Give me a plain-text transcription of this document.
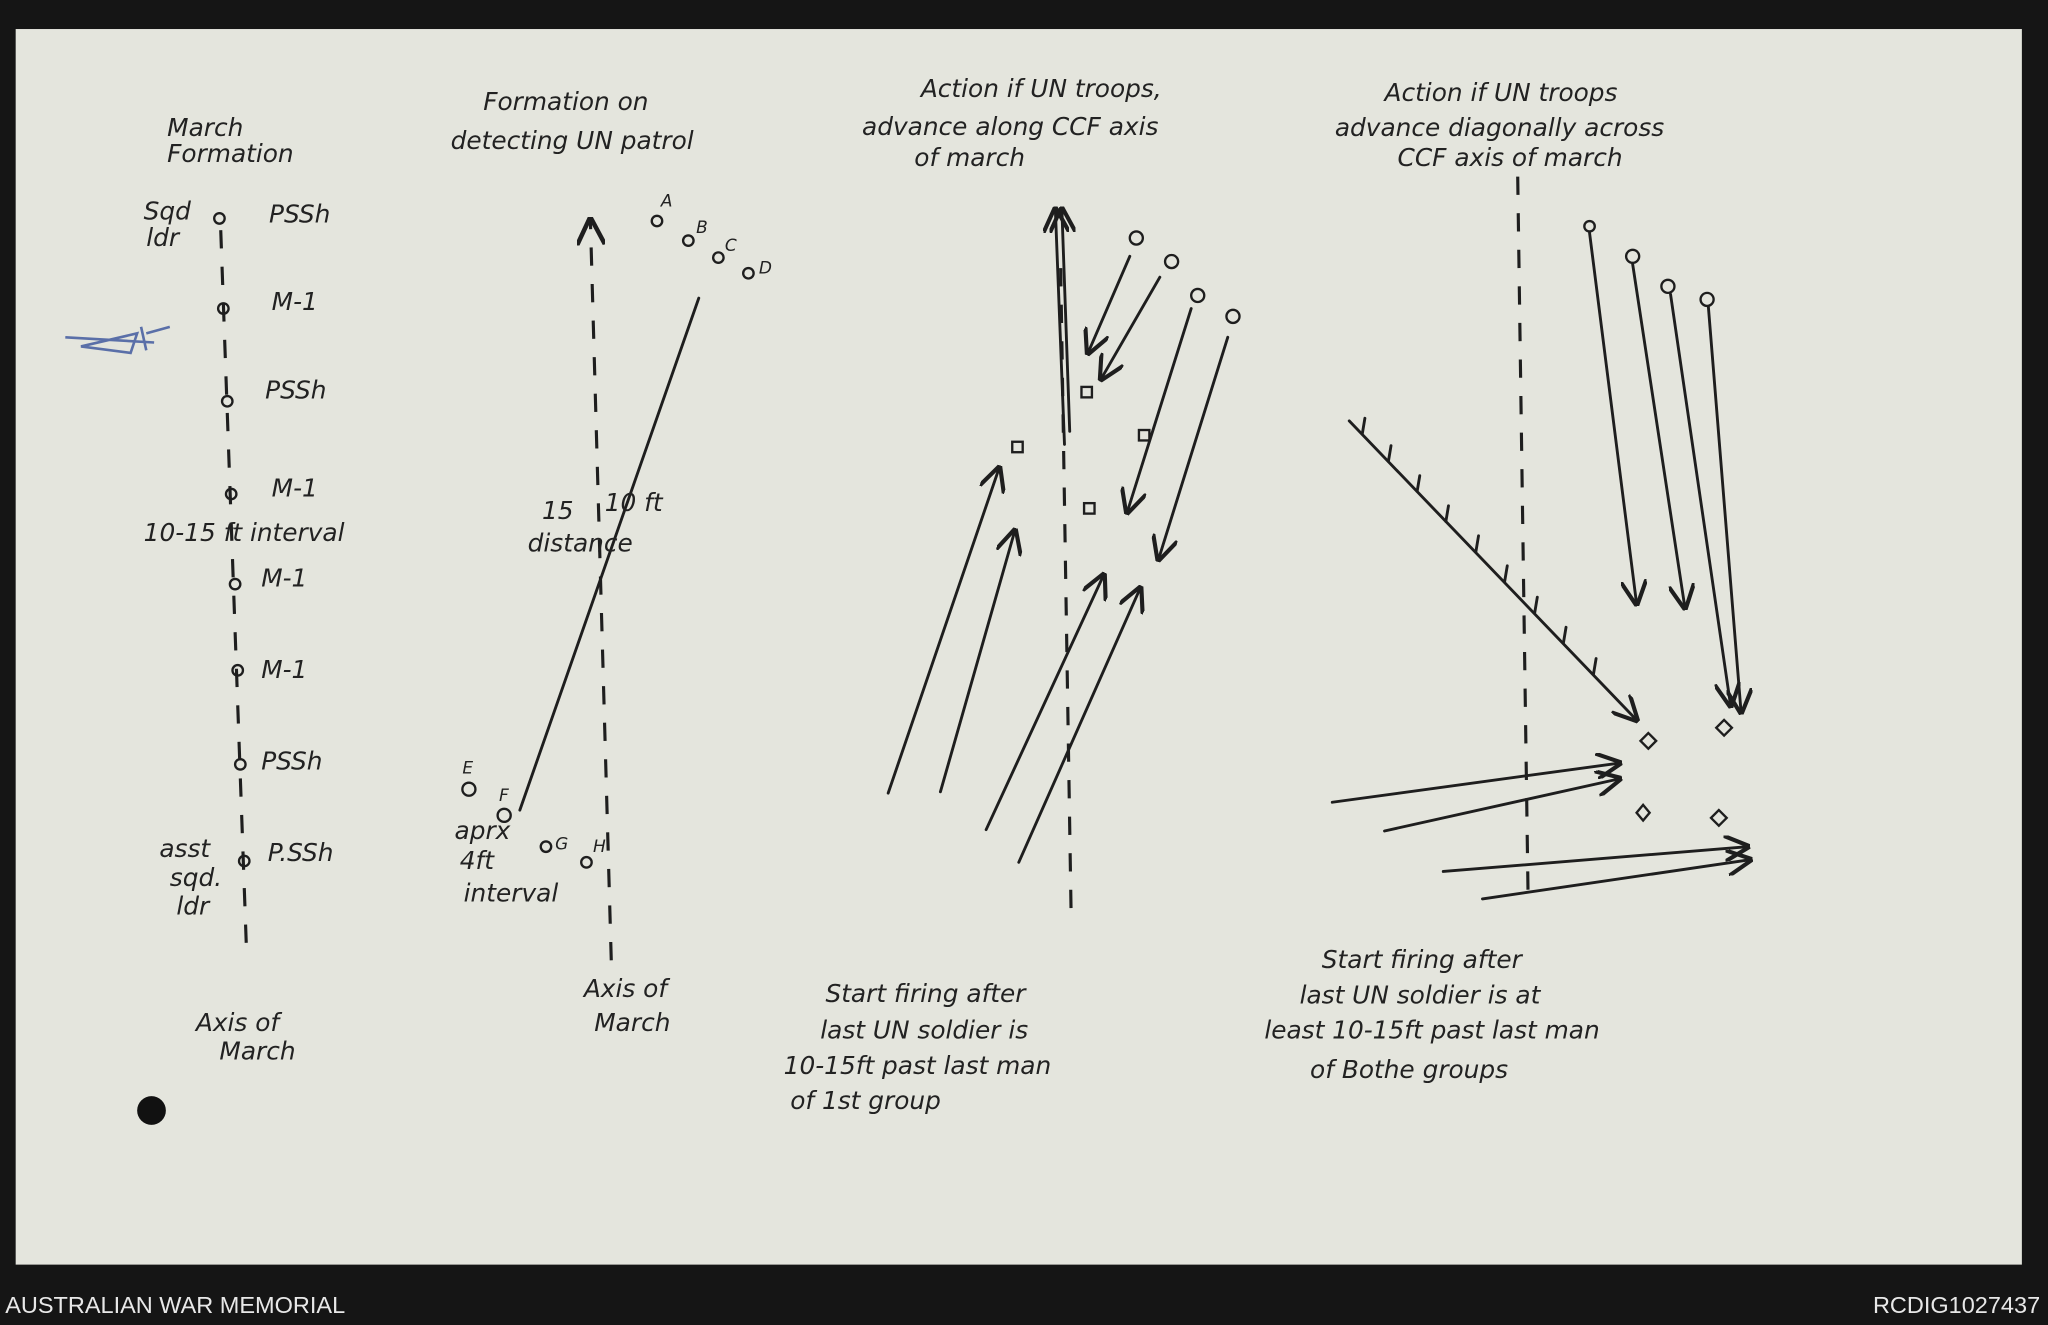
March
Formation
Sqd
ldr
PSSh
M-1
PSSh
M-1
10-15 ft interval
M-1
M-1
PSSh
P.SSh
asst
sqd.
ldr
Axis of
March
Formation on
detecting UN patrol
A
B
C
D
E
F
G H
15 10 ft
distance
aprx
4ft
interval
Axis of
March
Action if UN troops,
advance along CCF axis
of march
Start firing after
last UN soldier is
10-15ft past last man
of 1st group
Action if UN troops
advance diagonally across
CCF axis of march
Start firing after
last UN soldier is at
least 10-15ft past last man
of Bothe groups
AUSTRALIAN WAR MEMORIAL	RCDIG1027437
